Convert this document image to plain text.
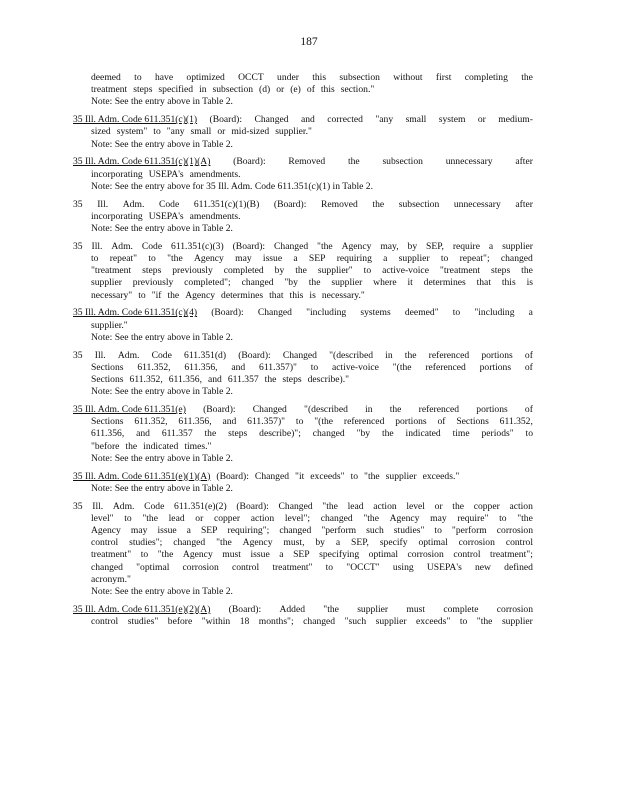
187
deemed to have optimized OCCT under this subsection without first completing the
treatment steps specified in subsection (d) or (e) of this section."
Note: See the entry above in Table 2.
35 Ill. Adm. Code 611.351(c)(1) (Board): Changed and corrected "any small system or medium-
sized system" to "any small or mid-sized supplier."
Note: See the entry above in Table 2.
35 Ill. Adm. Code 611.351(c)(1)(A) (Board): Removed the subsection unnecessary after
incorporating USEPA's amendments.
Note: See the entry above for 35 Ill. Adm. Code 611.351(c)(1) in Table 2.
35 Ill. Adm. Code 611.351(c)(1)(B) (Board): Removed the subsection unnecessary after
incorporating USEPA's amendments.
Note: See the entry above in Table 2.
35 Ill. Adm. Code 611.351(c)(3) (Board): Changed "the Agency may, by SEP, require a supplier
to repeat" to "the Agency may issue a SEP requiring a supplier to repeat"; changed
"treatment steps previously completed by the supplier" to active-voice "treatment steps the
supplier previously completed"; changed "by the supplier where it determines that this is
necessary" to "if the Agency determines that this is necessary."
35 Ill. Adm. Code 611.351(c)(4) (Board): Changed "including systems deemed" to "including a
supplier."
Note: See the entry above in Table 2.
35 Ill. Adm. Code 611.351(d) (Board): Changed "(described in the referenced portions of
Sections 611.352, 611.356, and 611.357)" to active-voice "(the referenced portions of
Sections 611.352, 611.356, and 611.357 the steps describe)."
Note: See the entry above in Table 2.
35 Ill. Adm. Code 611.351(e) (Board): Changed "(described in the referenced portions of
Sections 611.352, 611.356, and 611.357)" to "(the referenced portions of Sections 611.352,
611.356, and 611.357 the steps describe)"; changed "by the indicated time periods" to
"before the indicated times."
Note: See the entry above in Table 2.
35 Ill. Adm. Code 611.351(e)(1)(A) (Board): Changed "it exceeds" to "the supplier exceeds."
Note: See the entry above in Table 2.
35 Ill. Adm. Code 611.351(e)(2) (Board): Changed "the lead action level or the copper action
level" to "the lead or copper action level"; changed "the Agency may require" to "the
Agency may issue a SEP requiring"; changed "perform such studies" to "perform corrosion
control studies"; changed "the Agency must, by a SEP, specify optimal corrosion control
treatment" to "the Agency must issue a SEP specifying optimal corrosion control treatment";
changed "optimal corrosion control treatment" to "OCCT" using USEPA's new defined
acronym."
Note: See the entry above in Table 2.
35 Ill. Adm. Code 611.351(e)(2)(A) (Board): Added "the supplier must complete corrosion
control studies" before "within 18 months"; changed "such supplier exceeds" to "the supplier
